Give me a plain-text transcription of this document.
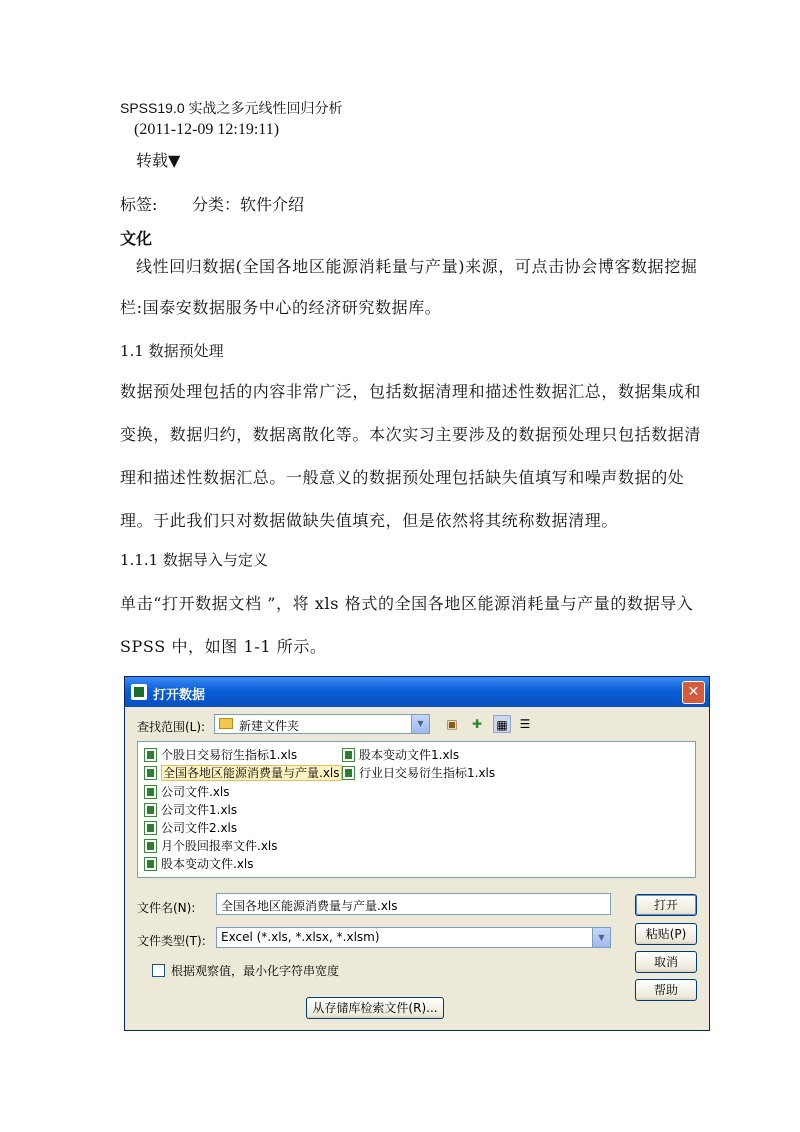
SPSS19.0 实战之多元线性回归分析
(2011-12-09 12:19:11)
转载▼
标签: 分类：软件介绍
文化
线性回归数据(全国各地区能源消耗量与产量)来源，可点击协会博客数据挖掘
栏:国泰安数据服务中心的经济研究数据库。
1.1 数据预处理
数据预处理包括的内容非常广泛，包括数据清理和描述性数据汇总，数据集成和
变换，数据归约，数据离散化等。本次实习主要涉及的数据预处理只包括数据清
理和描述性数据汇总。一般意义的数据预处理包括缺失值填写和噪声数据的处
理。于此我们只对数据做缺失值填充，但是依然将其统称数据清理。
1.1.1 数据导入与定义
单击“打开数据文档 ”，将 xls 格式的全国各地区能源消耗量与产量的数据导入
SPSS 中，如图 1-1 所示。
打开数据	✕
查找范围(L):	新建文件夹	▼	▣	✚	▦ ☰
个股日交易衍生指标1.xls
全国各地区能源消费量与产量.xls
公司文件.xls
公司文件1.xls
公司文件2.xls
月个股回报率文件.xls
股本变动文件.xls
股本变动文件1.xls
行业日交易衍生指标1.xls
文件名(N):	全国各地区能源消费量与产量.xls
文件类型(T):	Excel (*.xls, *.xlsx, *.xlsm)	▼
根据观察值，最小化字符串宽度
打开
粘贴(P)
取消
帮助
从存储库检索文件(R)...
